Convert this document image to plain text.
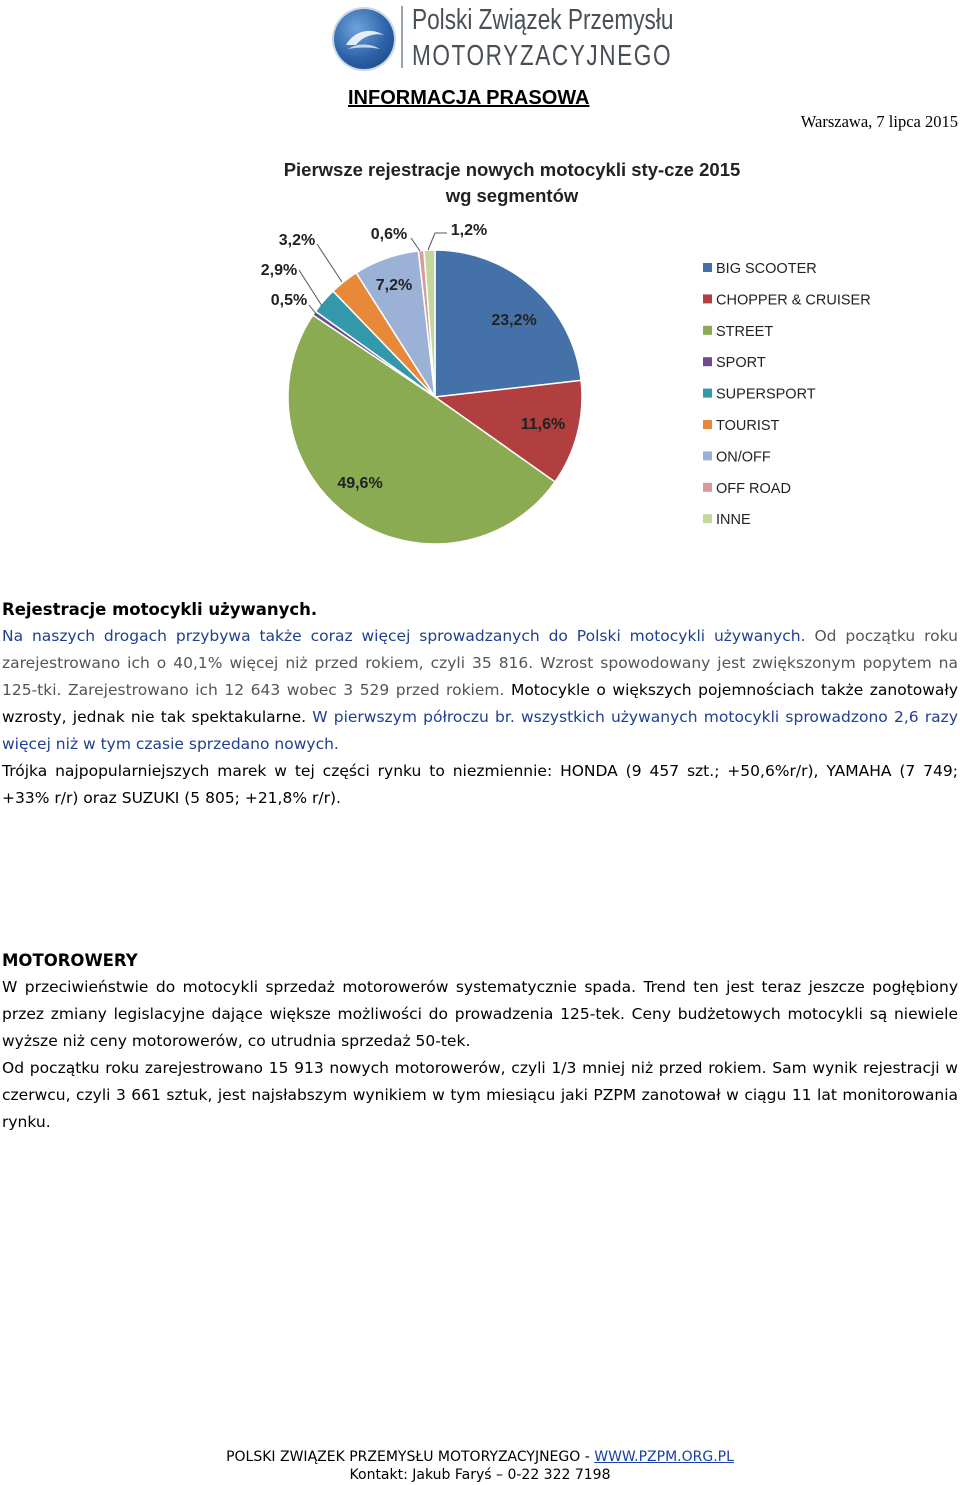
Polski Związek Przemysłu
MOTORYZACYJNEGO
INFORMACJA PRASOWA
Warszawa, 7 lipca 2015
Pierwsze rejestracje nowych motocykli sty-cze 2015
wg segmentów
23,2%
11,6%
49,6%
0,5%
2,9%
3,2%
7,2%
0,6%	1,2%
BIG SCOOTER
CHOPPER & CRUISER
STREET
SPORT
SUPERSPORT
TOURIST
ON/OFF
OFF ROAD
INNE

Rejestracje motocykli używanych.

Na naszych drogach przybywa także coraz więcej sprowadzanych do Polski motocykli używanych. Od początku roku zarejestrowano ich o 40,1% więcej niż przed rokiem, czyli 35 816. Wzrost spowodowany jest zwiększonym popytem na 125-tki. Zarejestrowano ich 12 643 wobec 3 529 przed rokiem. Motocykle o większych pojemnościach także zanotowały wzrosty, jednak nie tak spektakularne. W pierwszym półroczu br. wszystkich używanych motocykli sprowadzono 2,6 razy więcej niż w tym czasie sprzedano nowych.

Trójka najpopularniejszych marek w tej części rynku to niezmiennie: HONDA (9 457 szt.; +50,6%r/r), YAMAHA (7 749; +33% r/r) oraz SUZUKI (5 805; +21,8% r/r).

MOTOROWERY

W przeciwieństwie do motocykli sprzedaż motorowerów systematycznie spada. Trend ten jest teraz jeszcze pogłębiony przez zmiany legislacyjne dające większe możliwości do prowadzenia 125-tek. Ceny budżetowych motocykli są niewiele wyższe niż ceny motorowerów, co utrudnia sprzedaż 50-tek.

Od początku roku zarejestrowano 15 913 nowych motorowerów, czyli 1/3 mniej niż przed rokiem. Sam wynik rejestracji w czerwcu, czyli 3 661 sztuk, jest najsłabszym wynikiem w tym miesiącu jaki PZPM zanotował w ciągu 11 lat monitorowania rynku.

POLSKI ZWIĄZEK PRZEMYSŁU MOTORYZACYJNEGO - WWW.PZPM.ORG.PL
Kontakt: Jakub Faryś – 0-22 322 7198
